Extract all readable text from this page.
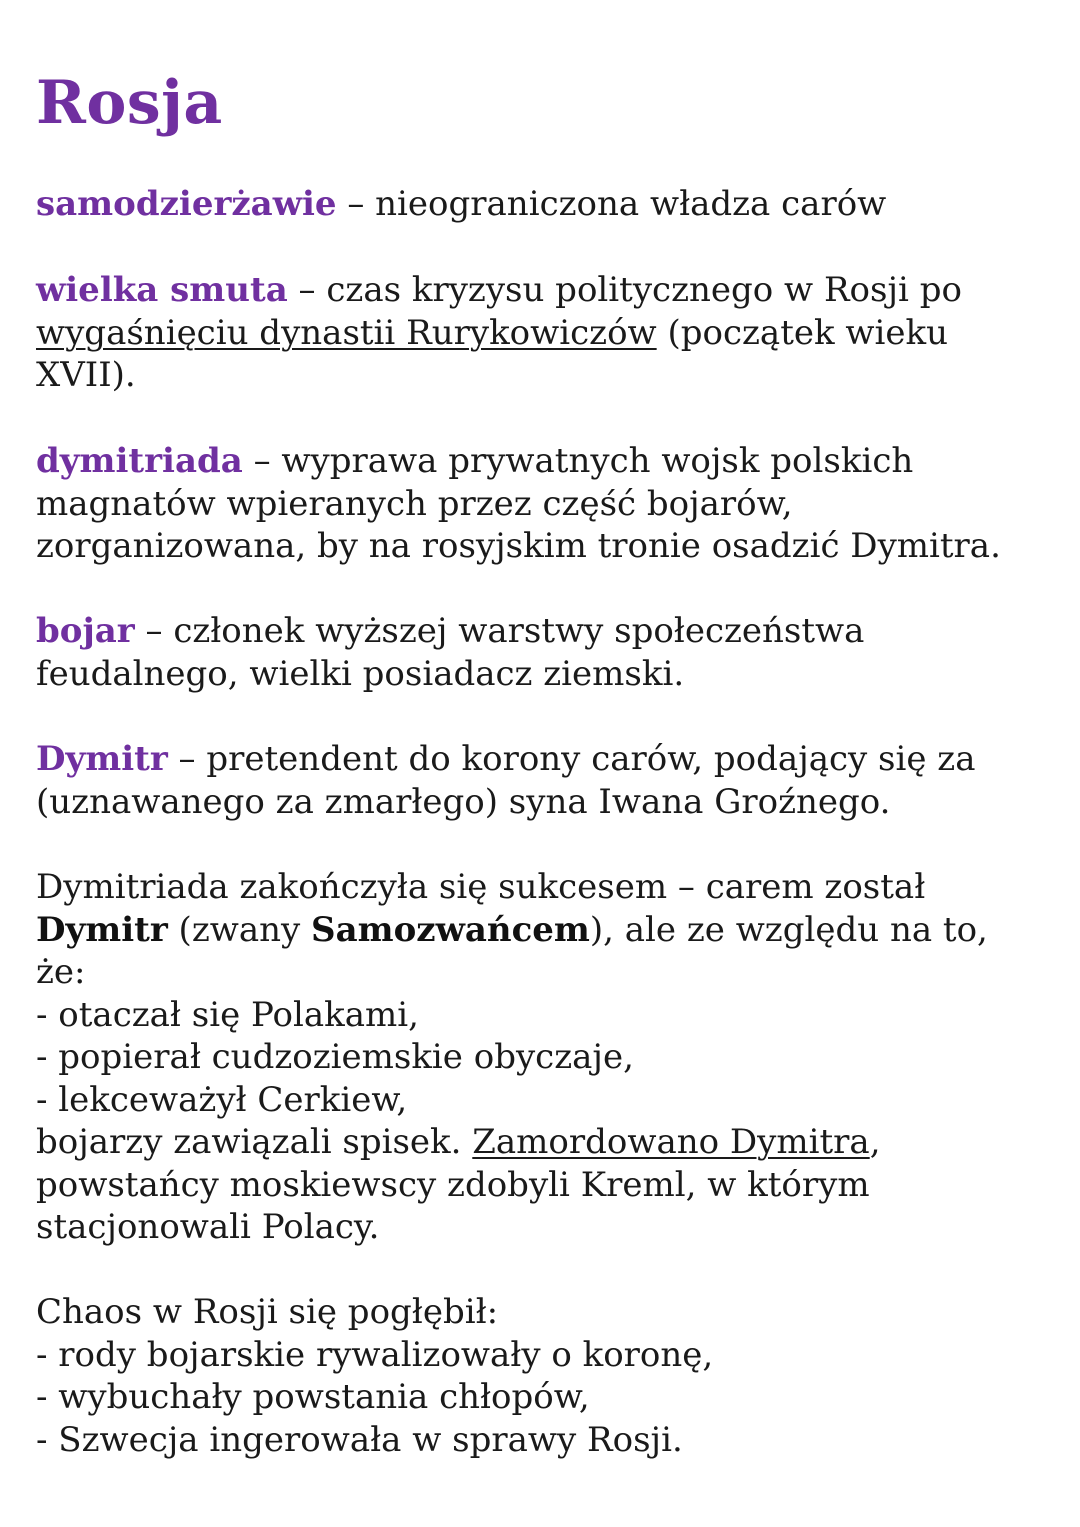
Rosja

samodzierżawie – nieograniczona władza carów

wielka smuta – czas kryzysu politycznego w Rosji po
wygaśnięciu dynastii Rurykowiczów (początek wieku
XVII).

dymitriada – wyprawa prywatnych wojsk polskich
magnatów wpieranych przez część bojarów,
zorganizowana, by na rosyjskim tronie osadzić Dymitra.

bojar – członek wyższej warstwy społeczeństwa
feudalnego, wielki posiadacz ziemski.

Dymitr – pretendent do korony carów, podający się za
(uznawanego za zmarłego) syna Iwana Groźnego.

Dymitriada zakończyła się sukcesem – carem został
Dymitr (zwany Samozwańcem), ale ze względu na to,
że:
- otaczał się Polakami,
- popierał cudzoziemskie obyczaje,
- lekceważył Cerkiew,
bojarzy zawiązali spisek. Zamordowano Dymitra,
powstańcy moskiewscy zdobyli Kreml, w którym
stacjonowali Polacy.

Chaos w Rosji się pogłębił:
- rody bojarskie rywalizowały o koronę,
- wybuchały powstania chłopów,
- Szwecja ingerowała w sprawy Rosji.
